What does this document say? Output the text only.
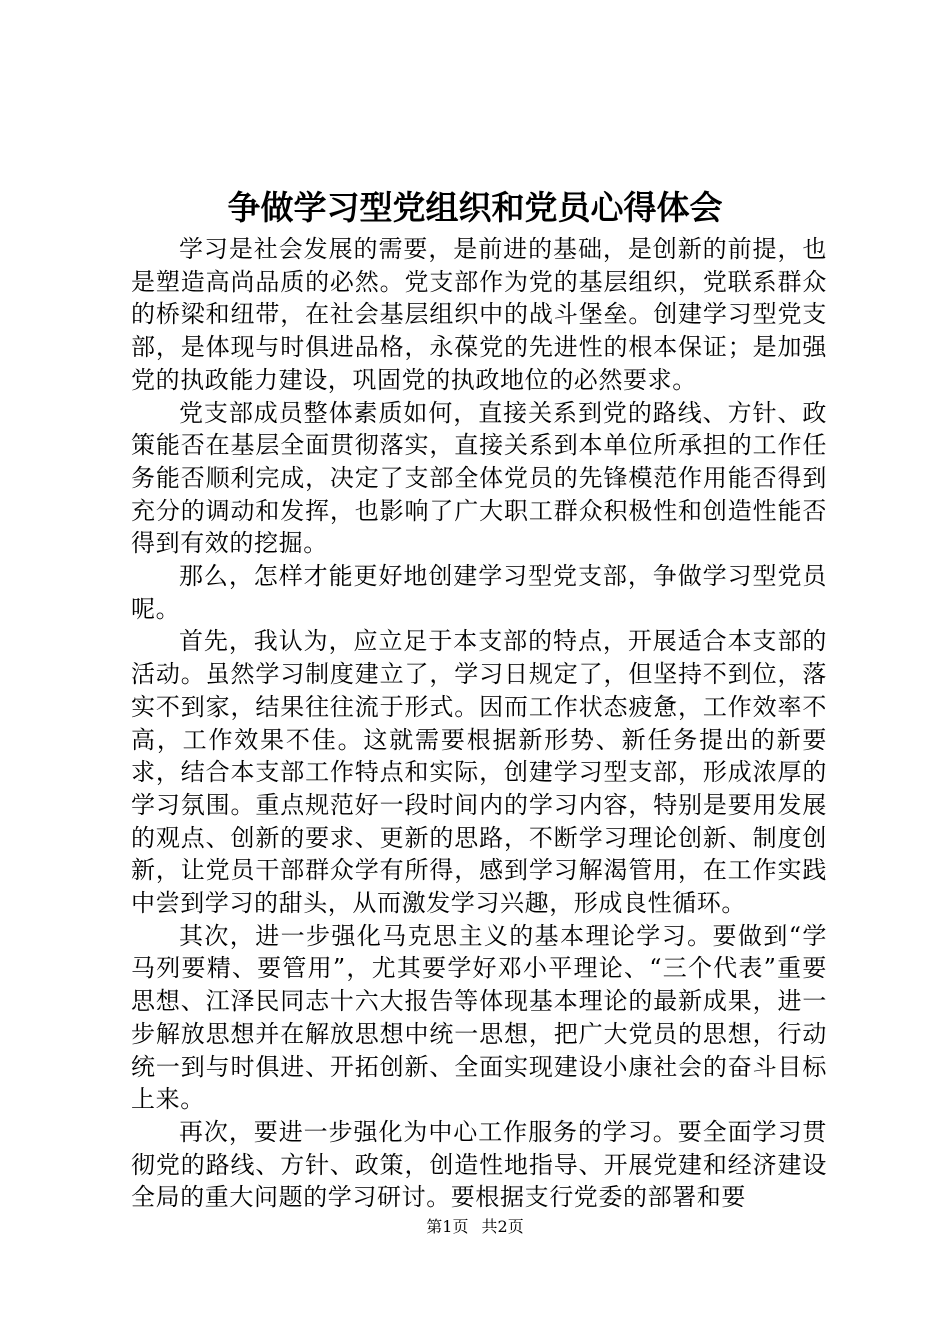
争做学习型党组织和党员心得体会

学习是社会发展的需要，是前进的基础，是创新的前提，也是塑造高尚品质的必然。党支部作为党的基层组织，党联系群众的桥梁和纽带，在社会基层组织中的战斗堡垒。创建学习型党支部，是体现与时俱进品格，永葆党的先进性的根本保证；是加强党的执政能力建设，巩固党的执政地位的必然要求。

党支部成员整体素质如何，直接关系到党的路线、方针、政策能否在基层全面贯彻落实，直接关系到本单位所承担的工作任务能否顺利完成，决定了支部全体党员的先锋模范作用能否得到充分的调动和发挥，也影响了广大职工群众积极性和创造性能否得到有效的挖掘。

那么，怎样才能更好地创建学习型党支部，争做学习型党员呢。

首先，我认为，应立足于本支部的特点，开展适合本支部的活动。虽然学习制度建立了，学习日规定了，但坚持不到位，落实不到家，结果往往流于形式。因而工作状态疲惫，工作效率不高，工作效果不佳。这就需要根据新形势、新任务提出的新要求，结合本支部工作特点和实际，创建学习型支部，形成浓厚的学习氛围。重点规范好一段时间内的学习内容，特别是要用发展的观点、创新的要求、更新的思路，不断学习理论创新、制度创新，让党员干部群众学有所得，感到学习解渴管用，在工作实践中尝到学习的甜头，从而激发学习兴趣，形成良性循环。

其次，进一步强化马克思主义的基本理论学习。要做到“学马列要精、要管用”，尤其要学好邓小平理论、“三个代表”重要思想、江泽民同志十六大报告等体现基本理论的最新成果，进一步解放思想并在解放思想中统一思想，把广大党员的思想，行动统一到与时俱进、开拓创新、全面实现建设小康社会的奋斗目标上来。

再次，要进一步强化为中心工作服务的学习。要全面学习贯彻党的路线、方针、政策，创造性地指导、开展党建和经济建设全局的重大问题的学习研讨。要根据支行党委的部署和要

第1页 共2页
